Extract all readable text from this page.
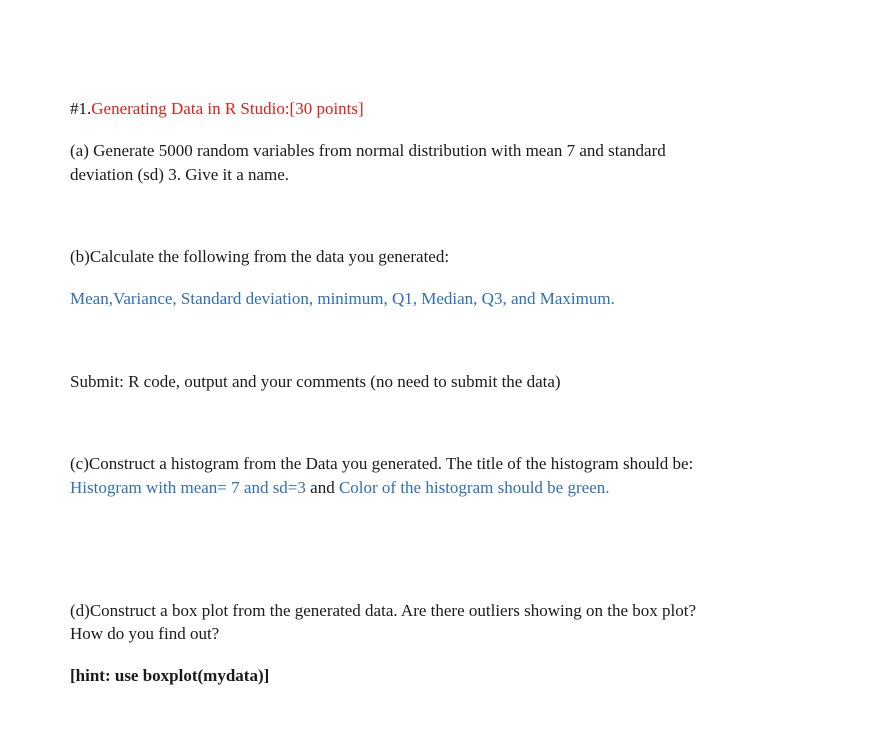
#1.Generating Data in R Studio:[30 points]
(a) Generate 5000 random variables from normal distribution with mean 7 and standard
deviation (sd) 3. Give it a name.
(b)Calculate the following from the data you generated:
Mean,Variance, Standard deviation, minimum, Q1, Median, Q3, and Maximum.
Submit: R code, output and your comments (no need to submit the data)
(c)Construct a histogram from the Data you generated. The title of the histogram should be:
Histogram with mean= 7 and sd=3 and Color of the histogram should be green.
(d)Construct a box plot from the generated data. Are there outliers showing on the box plot?
How do you find out?
[hint: use boxplot(mydata)]
